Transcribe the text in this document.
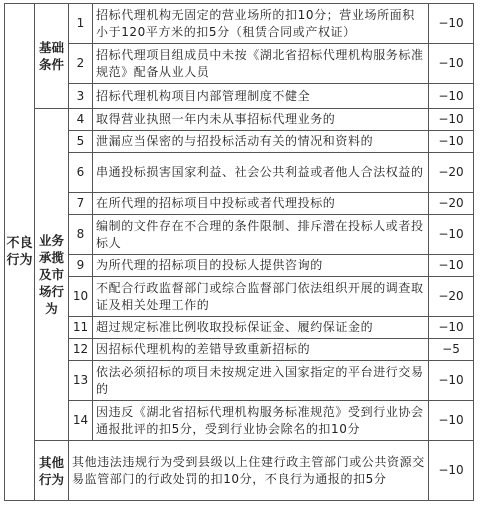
不良行为	基础条件	1	招标代理机构无固定的营业场所的扣10分；营业场所面积小于120平方米的扣5分（租赁合同或产权证）	−10
		2	招标代理项目组成员中未按《湖北省招标代理机构服务标准规范》配备从业人员	−10
		3	招标代理机构项目内部管理制度不健全	−10
	业务承揽及市场行为	4	取得营业执照一年内未从事招标代理业务的	−10
		5	泄漏应当保密的与招投标活动有关的情况和资料的	−10
		6	串通投标损害国家利益、社会公共利益或者他人合法权益的	−20
		7	在所代理的招标项目中投标或者代理投标的	−20
		8	编制的文件存在不合理的条件限制、排斥潜在投标人或者投标人	−10
		9	为所代理的招标项目的投标人提供咨询的	−10
		10	不配合行政监督部门或综合监督部门依法组织开展的调查取证及相关处理工作的	−20
		11	超过规定标准比例收取投标保证金、履约保证金的	−10
		12	因招标代理机构的差错导致重新招标的	−5
		13	依法必须招标的项目未按规定进入国家指定的平台进行交易的	−10
		14	因违反《湖北省招标代理机构服务标准规范》受到行业协会通报批评的扣5分，受到行业协会除名的扣10分	−10
	其他行为	其他违法违规行为受到县级以上住建行政主管部门或公共资源交易监管部门的行政处罚的扣10分，不良行为通报的扣5分		−10
